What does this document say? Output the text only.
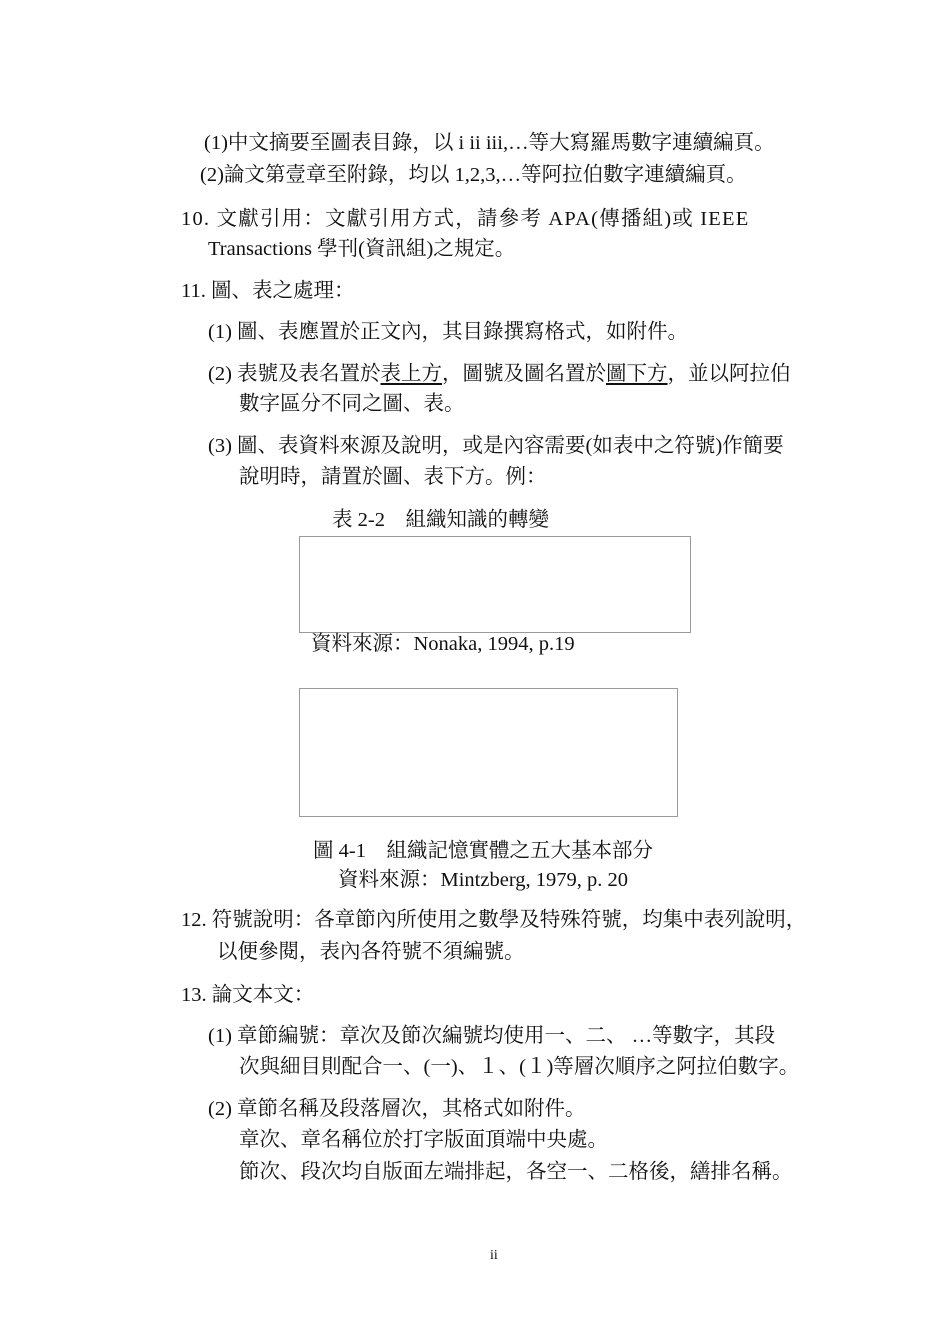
(1)中文摘要至圖表目錄，以 i ii iii,…等大寫羅馬數字連續編頁。
(2)論文第壹章至附錄，均以 1,2,3,…等阿拉伯數字連續編頁。
10. 文獻引用：文獻引用方式，請參考 APA(傳播組)或 IEEE
Transactions 學刊(資訊組)之規定。
11. 圖、表之處理：
(1) 圖、表應置於正文內，其目錄撰寫格式，如附件。
(2) 表號及表名置於表上方，圖號及圖名置於圖下方，並以阿拉伯
數字區分不同之圖、表。
(3) 圖、表資料來源及說明，或是內容需要(如表中之符號)作簡要
說明時，請置於圖、表下方。例：
表 2-2　組織知識的轉變
資料來源：Nonaka, 1994, p.19
圖 4-1　組織記憶實體之五大基本部分
資料來源：Mintzberg, 1979, p. 20
12. 符號說明：各章節內所使用之數學及特殊符號，均集中表列說明，
以便參閱，表內各符號不須編號。
13. 論文本文：
(1) 章節編號：章次及節次編號均使用一、二、 …等數字，其段
次與細目則配合一、(一)、１、(１)等層次順序之阿拉伯數字。
(2) 章節名稱及段落層次，其格式如附件。
章次、章名稱位於打字版面頂端中央處。
節次、段次均自版面左端排起，各空一、二格後，繕排名稱。
ii
